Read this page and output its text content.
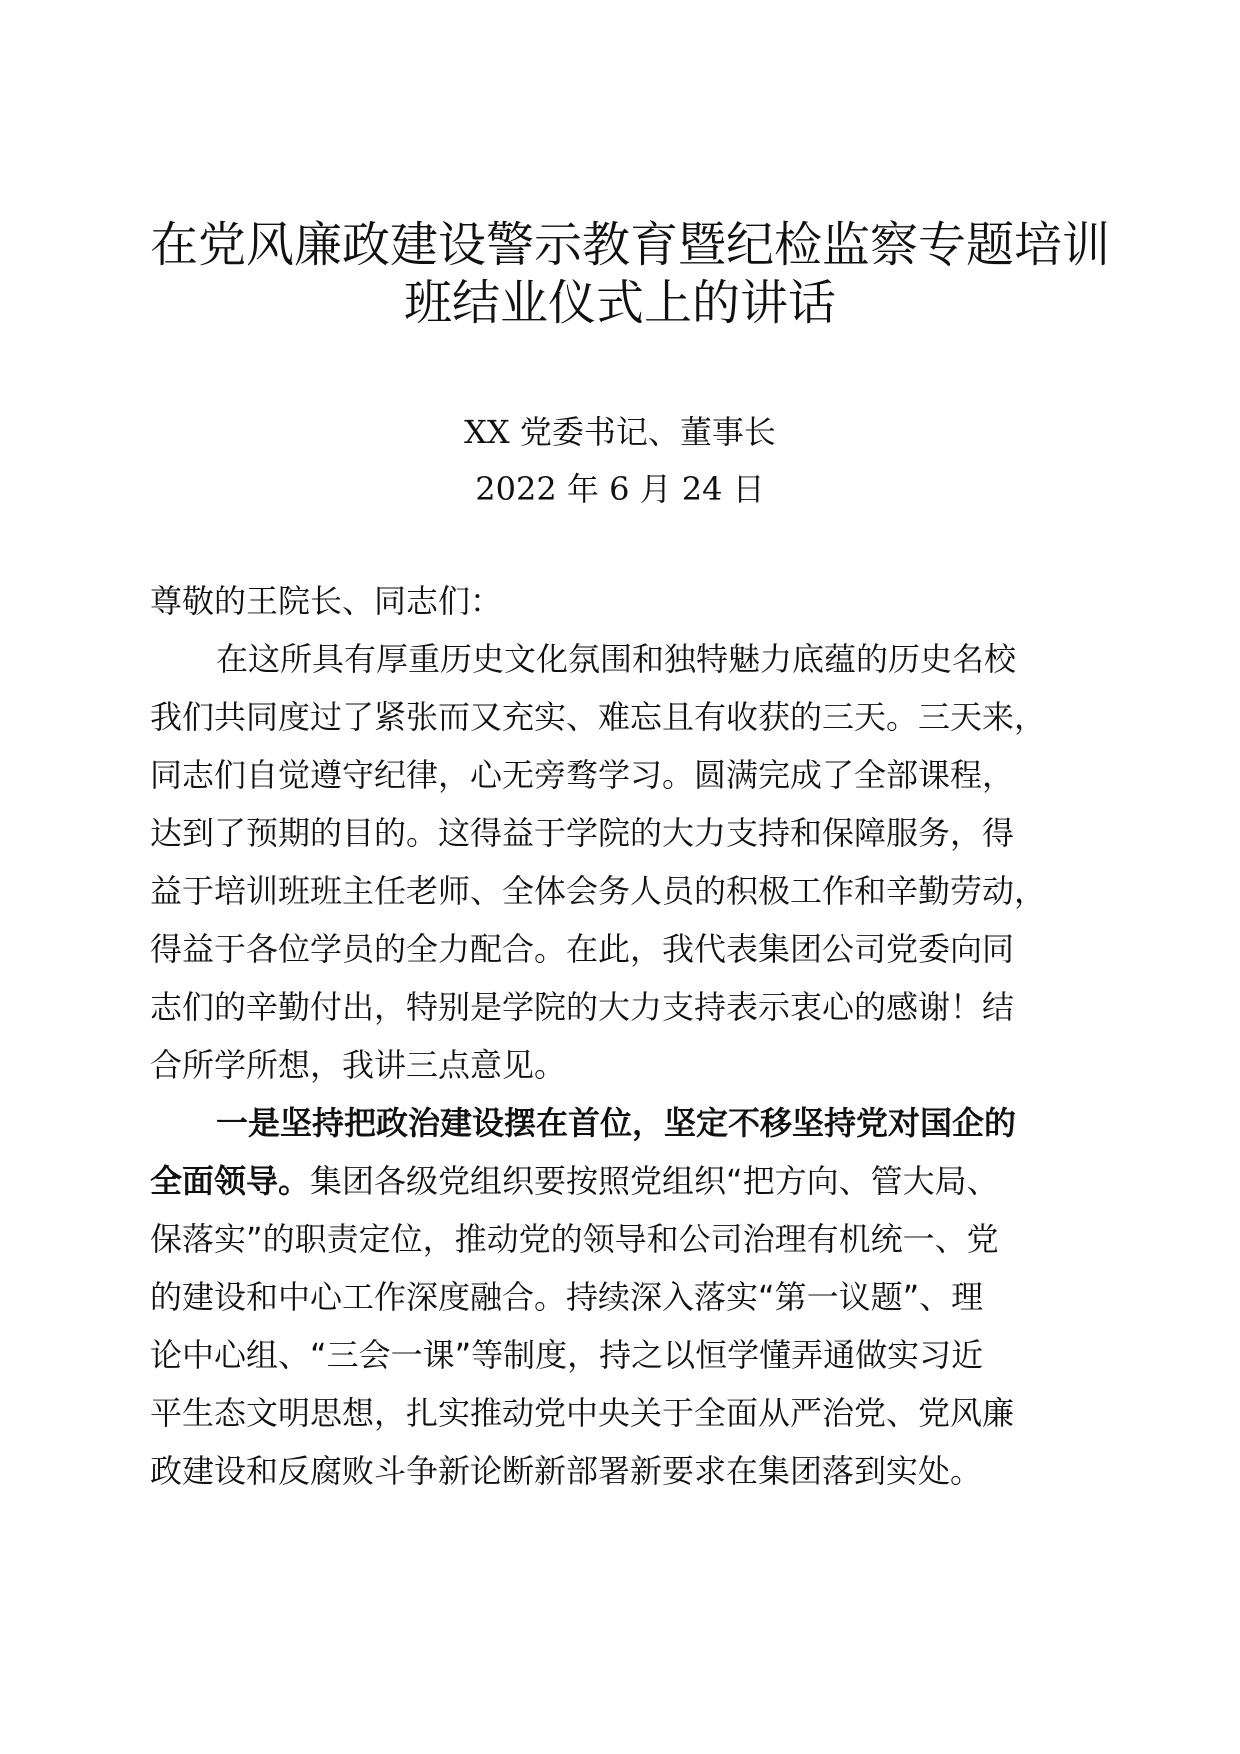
在党风廉政建设警示教育暨纪检监察专题培训
班结业仪式上的讲话
XX 党委书记、董事长
2022 年 6 月 24 日

尊敬的王院长、同志们：

在这所具有厚重历史文化氛围和独特魅力底蕴的历史名校
我们共同度过了紧张而又充实、难忘且有收获的三天。三天来，
同志们自觉遵守纪律，心无旁骛学习。圆满完成了全部课程，
达到了预期的目的。这得益于学院的大力支持和保障服务，得
益于培训班班主任老师、全体会务人员的积极工作和辛勤劳动，
得益于各位学员的全力配合。在此，我代表集团公司党委向同
志们的辛勤付出，特别是学院的大力支持表示衷心的感谢！结
合所学所想，我讲三点意见。

一是坚持把政治建设摆在首位，坚定不移坚持党对国企的
全面领导。集团各级党组织要按照党组织“把方向、管大局、
保落实”的职责定位，推动党的领导和公司治理有机统一、党
的建设和中心工作深度融合。持续深入落实“第一议题”、理
论中心组、“三会一课”等制度，持之以恒学懂弄通做实习近
平生态文明思想，扎实推动党中央关于全面从严治党、党风廉
政建设和反腐败斗争新论断新部署新要求在集团落到实处。
